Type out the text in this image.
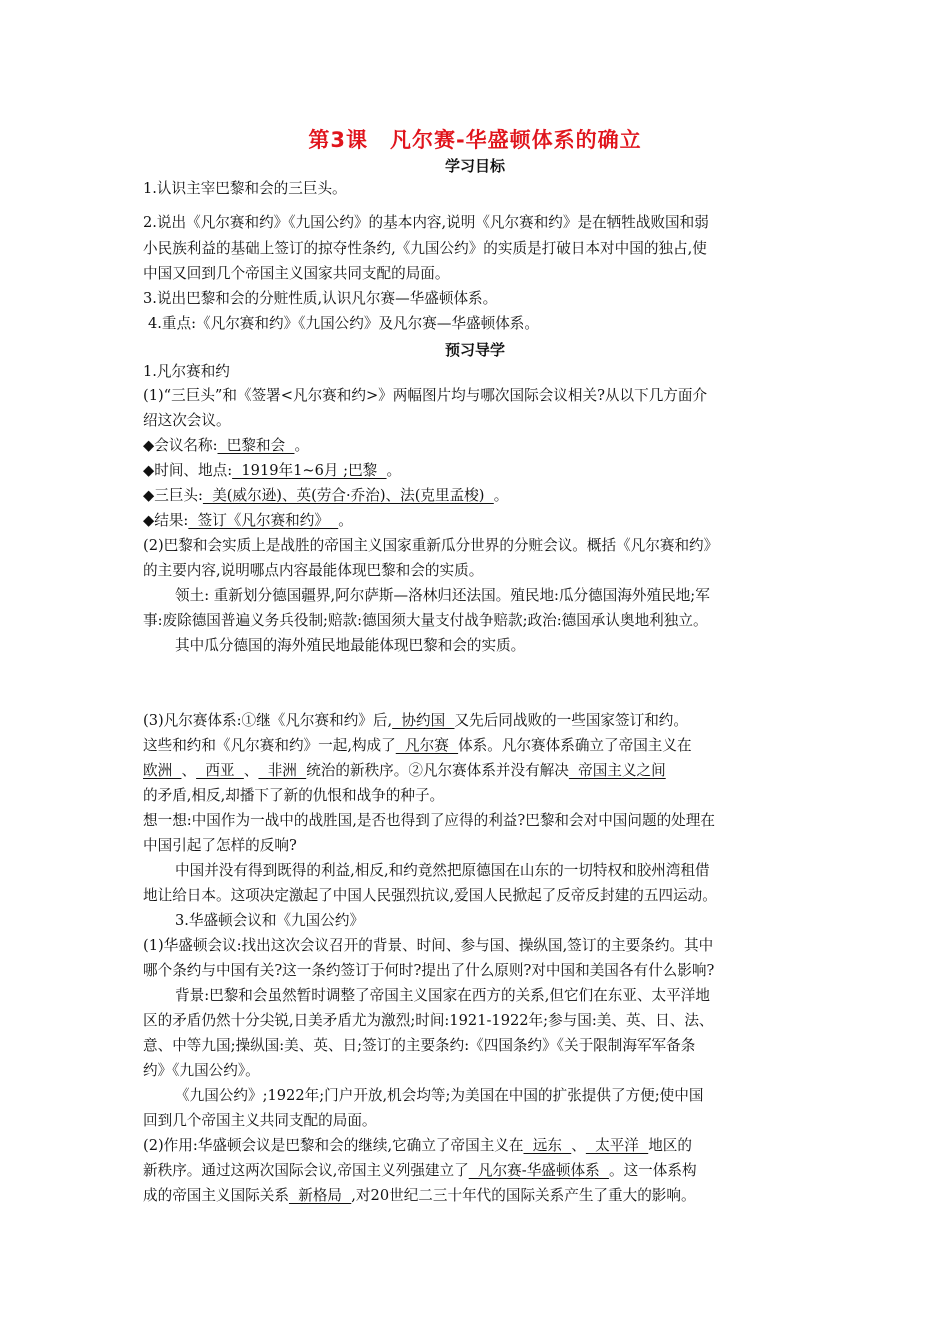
第3课　凡尔赛-华盛顿体系的确立
学习目标
1.认识主宰巴黎和会的三巨头。
2.说出《凡尔赛和约》《九国公约》的基本内容,说明《凡尔赛和约》是在牺牲战败国和弱
小民族利益的基础上签订的掠夺性条约,《九国公约》的实质是打破日本对中国的独占,使
中国又回到几个帝国主义国家共同支配的局面。
3.说出巴黎和会的分赃性质,认识凡尔赛—华盛顿体系。
4.重点:《凡尔赛和约》《九国公约》及凡尔赛—华盛顿体系。
预习导学
1.凡尔赛和约
(1)“三巨头”和《签署<凡尔赛和约>》两幅图片均与哪次国际会议相关?从以下几方面介
绍这次会议。
◆会议名称:  巴黎和会  。
◆时间、地点:  1919年1~6月 ;巴黎  。
◆三巨头:  美(威尔逊)、英(劳合·乔治)、法(克里孟梭)  。
◆结果:  签订《凡尔赛和约》  。
(2)巴黎和会实质上是战胜的帝国主义国家重新瓜分世界的分赃会议。概括《凡尔赛和约》
的主要内容,说明哪点内容最能体现巴黎和会的实质。
领土: 重新划分德国疆界,阿尔萨斯—洛林归还法国。殖民地:瓜分德国海外殖民地;军
事:废除德国普遍义务兵役制;赔款:德国须大量支付战争赔款;政治:德国承认奥地利独立。
其中瓜分德国的海外殖民地最能体现巴黎和会的实质。
(3)凡尔赛体系:①继《凡尔赛和约》后,  协约国  又先后同战败的一些国家签订和约。
这些和约和《凡尔赛和约》一起,构成了  凡尔赛  体系。凡尔赛体系确立了帝国主义在
欧洲  、  西亚  、  非洲  统治的新秩序。②凡尔赛体系并没有解决  帝国主义之间
的矛盾,相反,却播下了新的仇恨和战争的种子。
想一想:中国作为一战中的战胜国,是否也得到了应得的利益?巴黎和会对中国问题的处理在
中国引起了怎样的反响?
中国并没有得到既得的利益,相反,和约竟然把原德国在山东的一切特权和胶州湾租借
地让给日本。这项决定激起了中国人民强烈抗议,爱国人民掀起了反帝反封建的五四运动。
3.华盛顿会议和《九国公约》
(1)华盛顿会议:找出这次会议召开的背景、时间、参与国、操纵国,签订的主要条约。其中
哪个条约与中国有关?这一条约签订于何时?提出了什么原则?对中国和美国各有什么影响?
背景:巴黎和会虽然暂时调整了帝国主义国家在西方的关系,但它们在东亚、太平洋地
区的矛盾仍然十分尖锐,日美矛盾尤为激烈;时间:1921-1922年;参与国:美、英、日、法、
意、中等九国;操纵国:美、英、日;签订的主要条约:《四国条约》《关于限制海军军备条
约》《九国公约》。
《九国公约》;1922年;门户开放,机会均等;为美国在中国的扩张提供了方便;使中国
回到几个帝国主义共同支配的局面。
(2)作用:华盛顿会议是巴黎和会的继续,它确立了帝国主义在  远东  、  太平洋  地区的
新秩序。通过这两次国际会议,帝国主义列强建立了  凡尔赛-华盛顿体系  。这一体系构
成的帝国主义国际关系  新格局  ,对20世纪二三十年代的国际关系产生了重大的影响。
